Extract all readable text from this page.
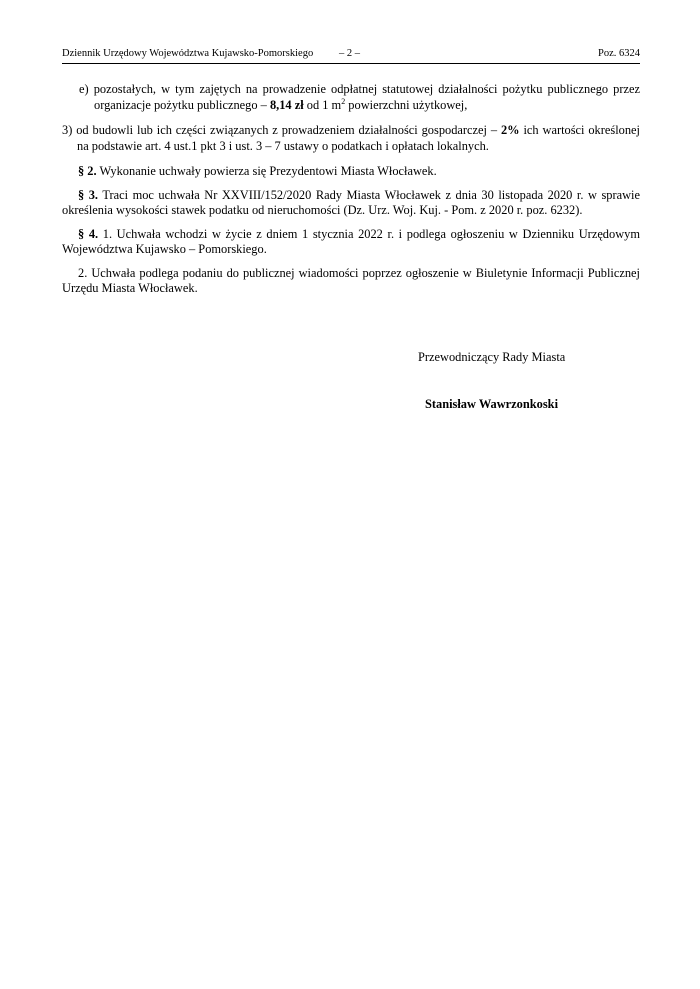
Dziennik Urzędowy Województwa Kujawsko-Pomorskiego – 2 –	Poz. 6324

e) pozostałych, w tym zajętych na prowadzenie odpłatnej statutowej działalności pożytku publicznego przez organizacje pożytku publicznego – 8,14 zł od 1 $m^2$ powierzchni użytkowej,

3) od budowli lub ich części związanych z prowadzeniem działalności gospodarczej – 2% ich wartości określonej na podstawie art. 4 ust.1 pkt 3 i ust. 3 – 7 ustawy o podatkach i opłatach lokalnych.

§ 2. Wykonanie uchwały powierza się Prezydentowi Miasta Włocławek.

§ 3. Traci moc uchwała Nr XXVIII/152/2020 Rady Miasta Włocławek z dnia 30 listopada 2020 r. w sprawie określenia wysokości stawek podatku od nieruchomości (Dz. Urz. Woj. Kuj. - Pom. z 2020 r. poz. 6232).

§ 4. 1. Uchwała wchodzi w życie z dniem 1 stycznia 2022 r. i podlega ogłoszeniu w Dzienniku Urzędowym Województwa Kujawsko – Pomorskiego.

2. Uchwała podlega podaniu do publicznej wiadomości poprzez ogłoszenie w Biuletynie Informacji Publicznej Urzędu Miasta Włocławek.

Przewodniczący Rady Miasta
Stanisław Wawrzonkoski
